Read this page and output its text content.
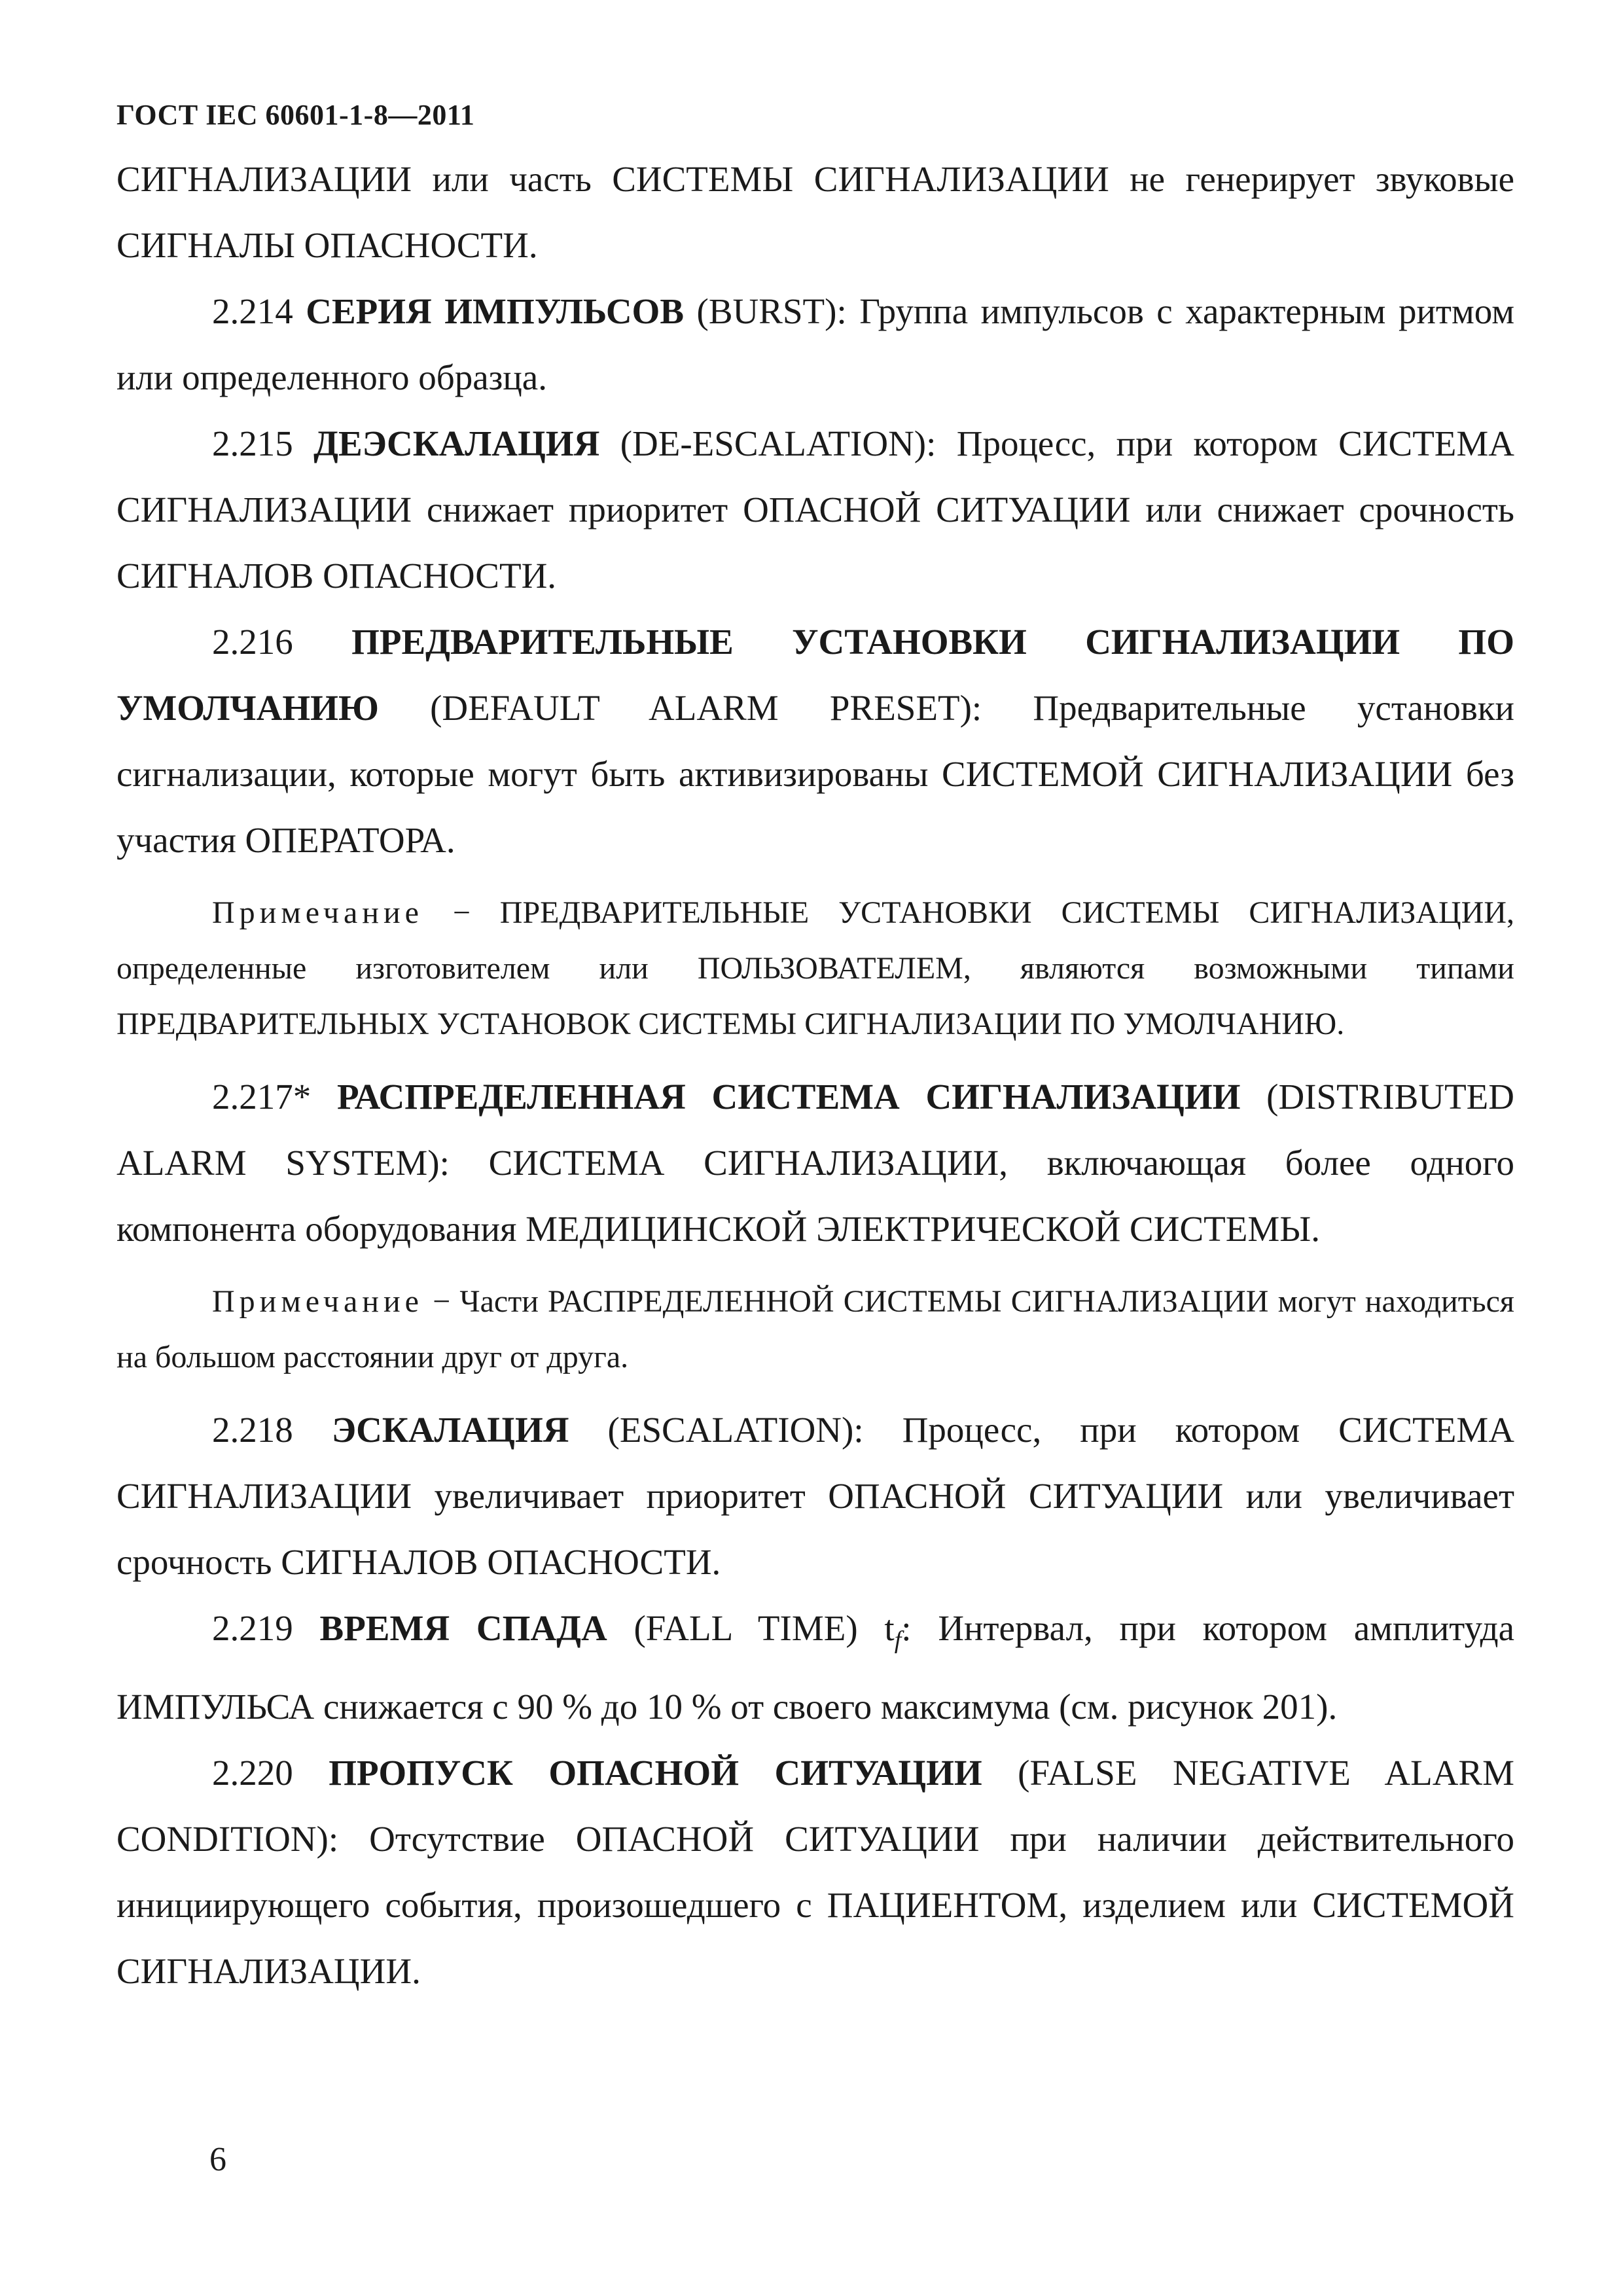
ГОСТ IEC 60601-1-8—2011

СИГНАЛИЗАЦИИ или часть СИСТЕМЫ СИГНАЛИЗАЦИИ не генерирует звуковые СИГНАЛЫ ОПАСНОСТИ.

2.214 СЕРИЯ ИМПУЛЬСОВ (BURST): Группа импульсов с характерным ритмом или определенного образца.

2.215 ДЕЭСКАЛАЦИЯ (DE-ESCALATION): Процесс, при котором СИСТЕМА СИГНАЛИЗАЦИИ снижает приоритет ОПАСНОЙ СИТУАЦИИ или снижает срочность СИГНАЛОВ ОПАСНОСТИ.

2.216 ПРЕДВАРИТЕЛЬНЫЕ УСТАНОВКИ СИГНАЛИЗАЦИИ ПО УМОЛЧАНИЮ (DEFAULT ALARM PRESET): Предварительные установки сигнализации, которые могут быть активизированы СИСТЕМОЙ СИГНАЛИЗАЦИИ без участия ОПЕРАТОРА.

Примечание − ПРЕДВАРИТЕЛЬНЫЕ УСТАНОВКИ СИСТЕМЫ СИГНАЛИЗАЦИИ, определенные изготовителем или ПОЛЬЗОВАТЕЛЕМ, являются возможными типами ПРЕДВАРИТЕЛЬНЫХ УСТАНОВОК СИСТЕМЫ СИГНАЛИЗАЦИИ ПО УМОЛЧАНИЮ.

2.217* РАСПРЕДЕЛЕННАЯ СИСТЕМА СИГНАЛИЗАЦИИ (DISTRIBUTED ALARM SYSTEM): СИСТЕМА СИГНАЛИЗАЦИИ, включающая более одного компонента оборудования МЕДИЦИНСКОЙ ЭЛЕКТРИЧЕСКОЙ СИСТЕМЫ.

Примечание − Части РАСПРЕДЕЛЕННОЙ СИСТЕМЫ СИГНАЛИЗАЦИИ могут находиться на большом расстоянии друг от друга.

2.218 ЭСКАЛАЦИЯ (ESCALATION): Процесс, при котором СИСТЕМА СИГНАЛИЗАЦИИ увеличивает приоритет ОПАСНОЙ СИТУАЦИИ или увеличивает срочность СИГНАЛОВ ОПАСНОСТИ.

2.219 ВРЕМЯ СПАДА (FALL TIME) $t_f$: Интервал, при котором амплитуда ИМПУЛЬСА снижается с 90 % до 10 % от своего максимума (см. рисунок 201).

2.220 ПРОПУСК ОПАСНОЙ СИТУАЦИИ (FALSE NEGATIVE ALARM CONDITION): Отсутствие ОПАСНОЙ СИТУАЦИИ при наличии действительного инициирующего события, произошедшего с ПАЦИЕНТОМ, изделием или СИСТЕМОЙ СИГНАЛИЗАЦИИ.

6
